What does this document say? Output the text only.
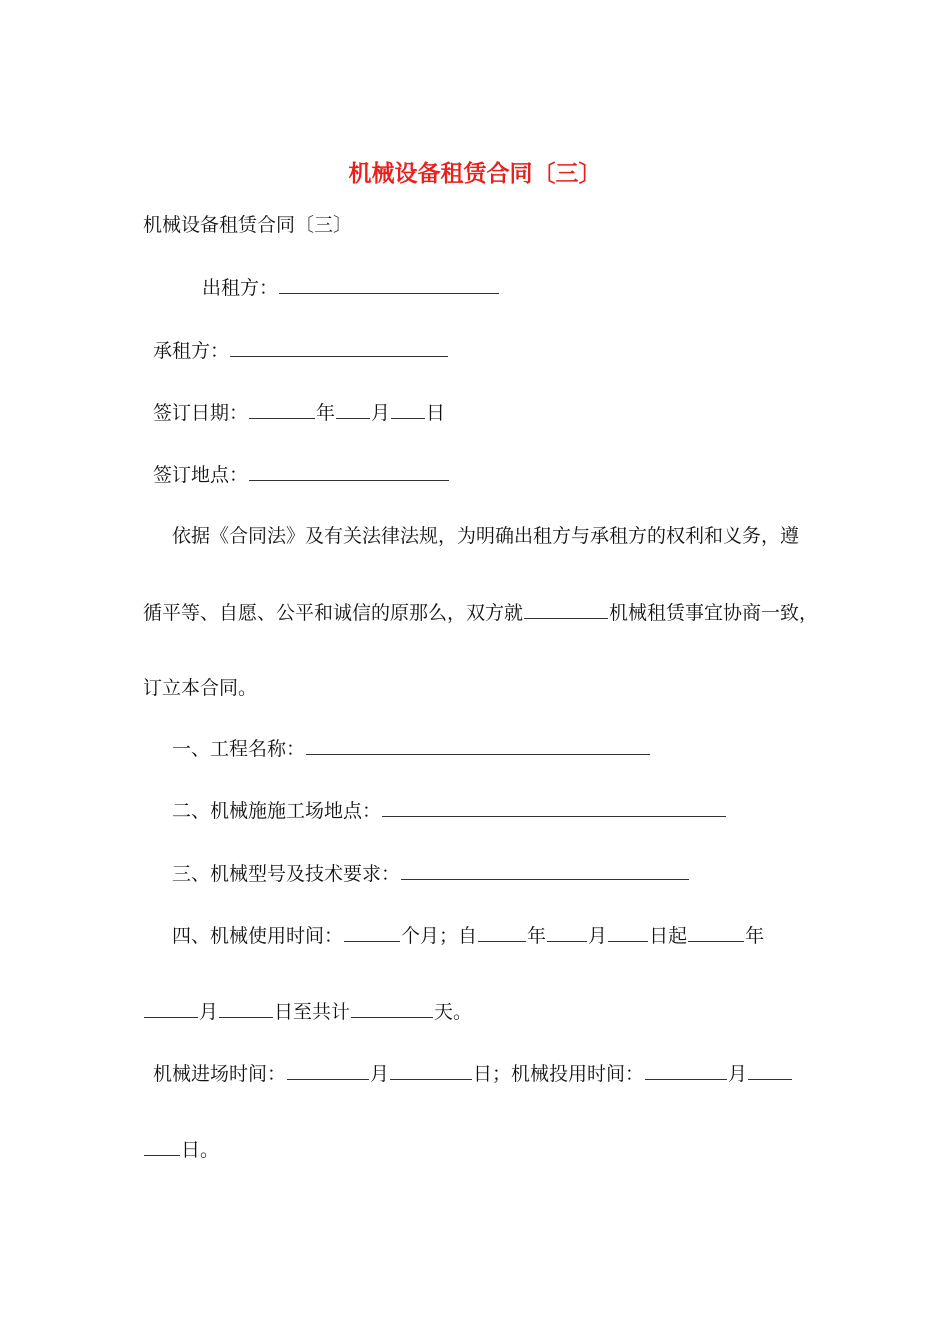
机械设备租赁合同〔三〕
机械设备租赁合同〔三〕
出租方：
承租方：
签订日期：	年 月 日
签订地点：
依据《合同法》及有关法律法规，为明确出租方与承租方的权利和义务，遵
循平等、自愿、公平和诚信的原那么，双方就	机械租赁事宜协商一致，
订立本合同。
一、工程名称：
二、机械施施工场地点：
三、机械型号及技术要求：
四、机械使用时间：	个月；自	年 月 日起	年
月	日至共计	天。
机械进场时间：	月	日；机械投用时间：	月
日。
